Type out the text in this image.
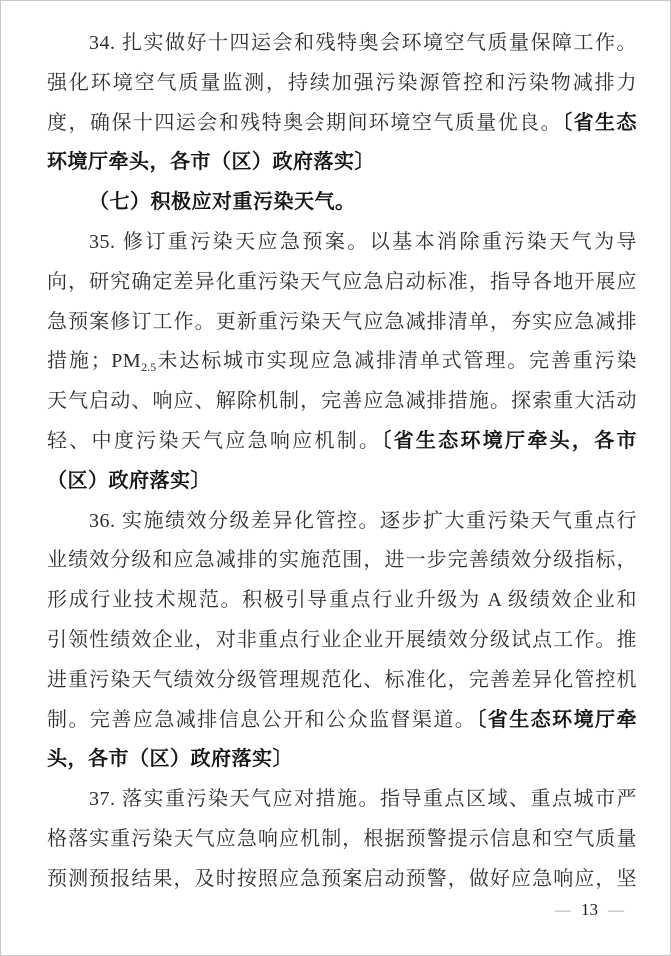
34. 扎实做好十四运会和残特奥会环境空气质量保障工作。
强化环境空气质量监测，持续加强污染源管控和污染物减排力
度，确保十四运会和残特奥会期间环境空气质量优良。〔省生态
环境厅牵头，各市（区）政府落实〕
（七）积极应对重污染天气。
35. 修订重污染天应急预案。以基本消除重污染天气为导
向，研究确定差异化重污染天气应急启动标准，指导各地开展应
急预案修订工作。更新重污染天气应急减排清单，夯实应急减排
措施；$PM_{2.5}$未达标城市实现应急减排清单式管理。完善重污染
天气启动、响应、解除机制，完善应急减排措施。探索重大活动
轻、中度污染天气应急响应机制。〔省生态环境厅牵头，各市
（区）政府落实〕
36. 实施绩效分级差异化管控。逐步扩大重污染天气重点行
业绩效分级和应急减排的实施范围，进一步完善绩效分级指标，
形成行业技术规范。积极引导重点行业升级为 A 级绩效企业和
引领性绩效企业，对非重点行业企业开展绩效分级试点工作。推
进重污染天气绩效分级管理规范化、标准化，完善差异化管控机
制。完善应急减排信息公开和公众监督渠道。〔省生态环境厅牵
头，各市（区）政府落实〕
37. 落实重污染天气应对措施。指导重点区域、重点城市严
格落实重污染天气应急响应机制，根据预警提示信息和空气质量
预测预报结果，及时按照应急预案启动预警，做好应急响应，坚
— 13 —
